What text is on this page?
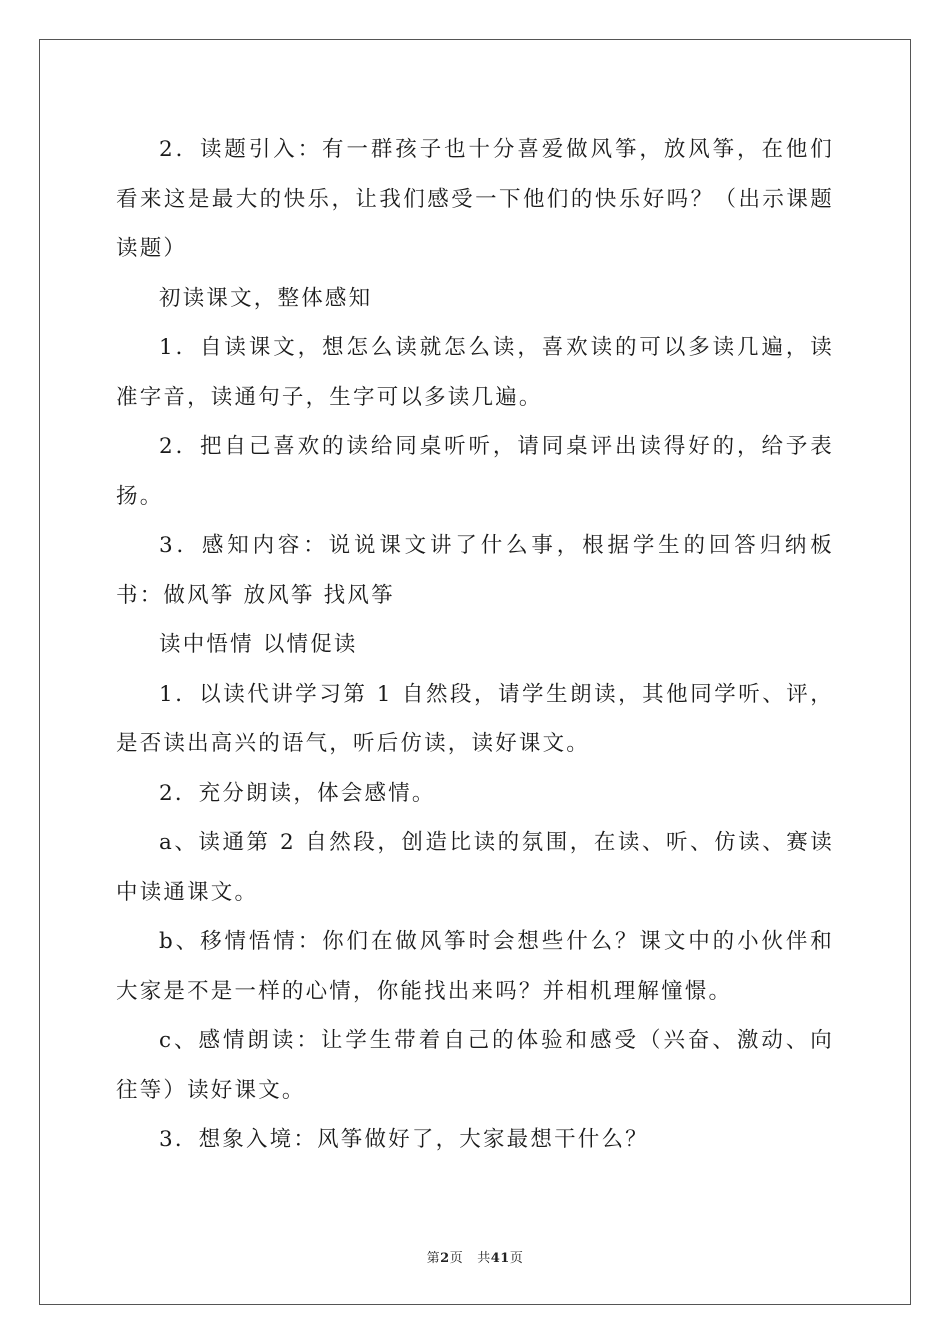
2．读题引入：有一群孩子也十分喜爱做风筝，放风筝，在他们看来这是最大的快乐，让我们感受一下他们的快乐好吗？（出示课题读题）

初读课文，整体感知

1．自读课文，想怎么读就怎么读，喜欢读的可以多读几遍，读准字音，读通句子，生字可以多读几遍。

2．把自己喜欢的读给同桌听听，请同桌评出读得好的，给予表扬。

3．感知内容：说说课文讲了什么事，根据学生的回答归纳板书：做风筝 放风筝 找风筝

读中悟情 以情促读

1．以读代讲学习第 1 自然段，请学生朗读，其他同学听、评，是否读出高兴的语气，听后仿读，读好课文。

2．充分朗读，体会感情。

a、读通第 2 自然段，创造比读的氛围，在读、听、仿读、赛读中读通课文。

b、移情悟情：你们在做风筝时会想些什么？课文中的小伙伴和大家是不是一样的心情，你能找出来吗？并相机理解憧憬。

c、感情朗读：让学生带着自己的体验和感受（兴奋、激动、向往等）读好课文。

3．想象入境：风筝做好了，大家最想干什么？

第2页 共41页
